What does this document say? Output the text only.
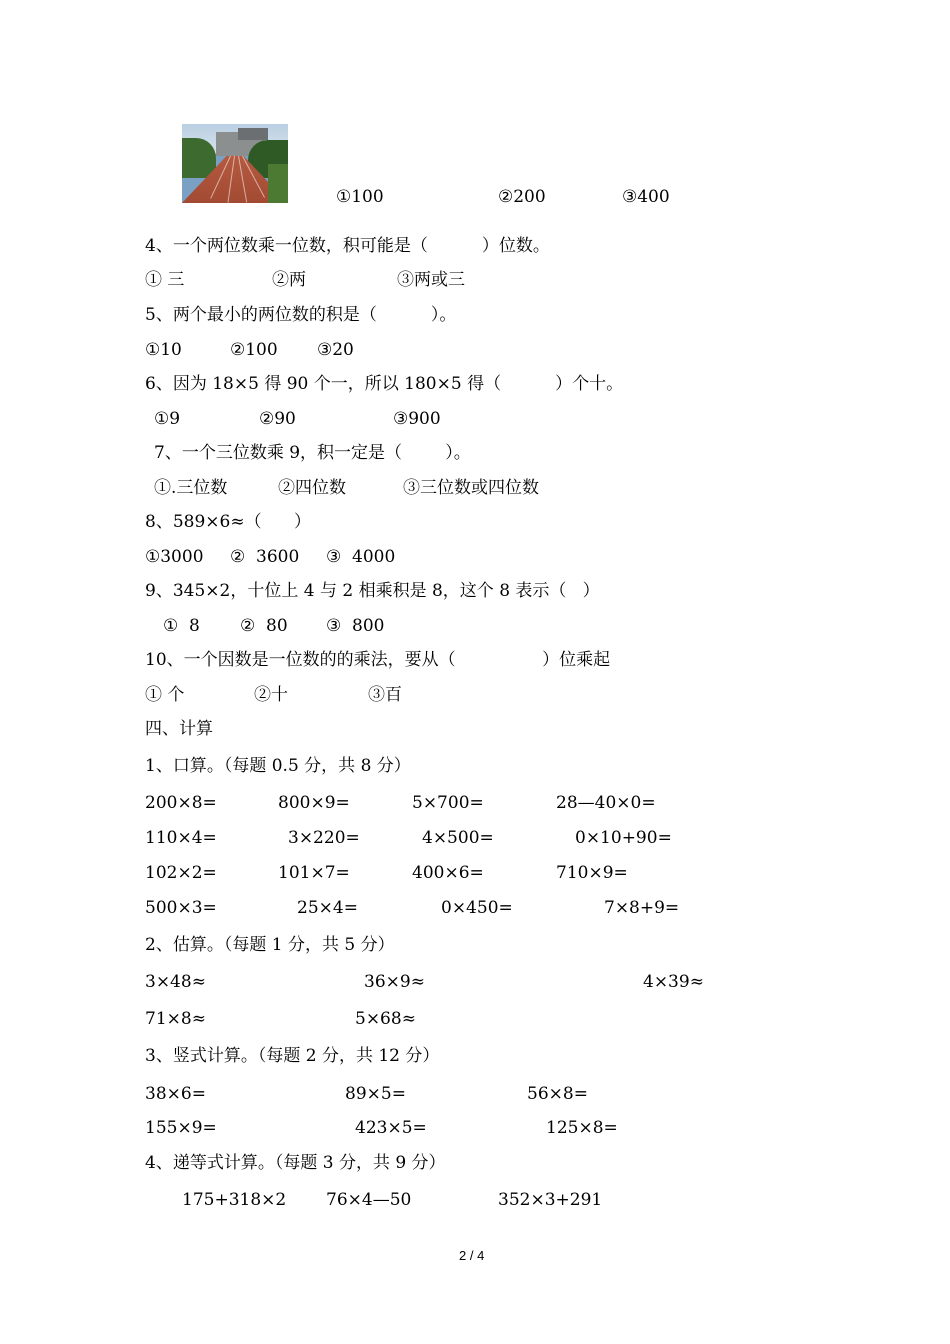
①100	②200	③400
4、一个两位数乘一位数，积可能是（          ）位数。
① 三	②两	③两或三
5、两个最小的两位数的积是（          ）。
①10	②100 ③20
6、因为 18×5 得 90 个一，所以 180×5 得（          ）个十。
①9	②90	③900
7、一个三位数乘 9，积一定是（        ）。
①.三位数	②四位数	③三位数或四位数
8、589×6≈（      ）
①3000 ②  3600 ③  4000
9、345×2，十位上 4 与 2 相乘积是 8，这个 8 表示（   ）
①  8 ②  80 ③  800
10、一个因数是一位数的的乘法，要从（                ）位乘起
① 个	②十	③百
四、计算
1、口算。（每题 0.5 分，共 8 分）
200×8=	800×9=	5×700=	28—40×0=
110×4=	3×220=	4×500=	0×10+90=
102×2=	101×7=	400×6=	710×9=
500×3=	25×4=	0×450=	7×8+9=
2、估算。（每题 1 分，共 5 分）
3×48≈	36×9≈	4×39≈
71×8≈	5×68≈
3、竖式计算。（每题 2 分，共 12 分）
38×6=	89×5=	56×8=
155×9=	423×5=	125×8=
4、递等式计算。（每题 3 分，共 9 分）
175+318×2 76×4—50	352×3+291
2 / 4
